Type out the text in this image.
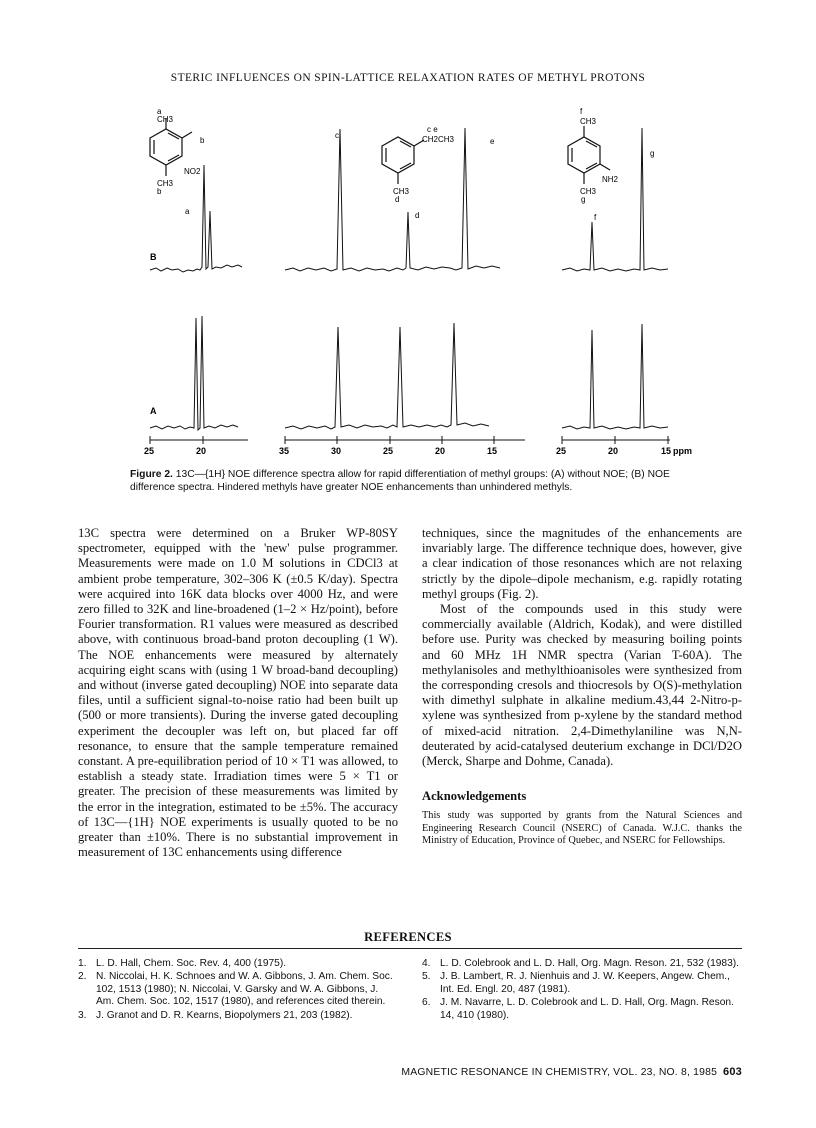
STERIC INFLUENCES ON SPIN-LATTICE RELAXATION RATES OF METHYL PROTONS
a
CH3
NO2
CH3
b
c e
CH2CH3
CH3
d
f
CH3
NH2
CH3
g
B
A
b
a
c
d
e
f
g
25	20	35	30	25	20	15	25	20	15 ppm
Figure 2. 13C—{1H} NOE difference spectra allow for rapid differentiation of methyl groups: (A) without NOE; (B) NOE difference spectra. Hindered methyls have greater NOE enhancements than unhindered methyls.

13C spectra were determined on a Bruker WP-80SY spectrometer, equipped with the 'new' pulse programmer. Measurements were made on 1.0 M solutions in CDCl3 at ambient probe temperature, 302–306 K (±0.5 K/day). Spectra were acquired into 16K data blocks over 4000 Hz, and were zero filled to 32K and line-broadened (1–2 × Hz/point), before Fourier transformation. R1 values were measured as described above, with continuous broad-band proton decoupling (1 W). The NOE enhancements were measured by alternately acquiring eight scans with (using 1 W broad-band decoupling) and without (inverse gated decoupling) NOE into separate data files, until a sufficient signal-to-noise ratio had been built up (500 or more transients). During the inverse gated decoupling experiment the decoupler was left on, but placed far off resonance, to ensure that the sample temperature remained constant. A pre-equilibration period of 10 × T1 was allowed, to establish a steady state. Irradiation times were 5 × T1 or greater. The precision of these measurements was limited by the error in the integration, estimated to be ±5%. The accuracy of 13C—{1H} NOE experiments is usually quoted to be no greater than ±10%. There is no substantial improvement in measurement of 13C enhancements using difference

techniques, since the magnitudes of the enhancements are invariably large. The difference technique does, however, give a clear indication of those resonances which are not relaxing strictly by the dipole–dipole mechanism, e.g. rapidly rotating methyl groups (Fig. 2).

Most of the compounds used in this study were commercially available (Aldrich, Kodak), and were distilled before use. Purity was checked by measuring boiling points and 60 MHz 1H NMR spectra (Varian T-60A). The methylanisoles and methylthioanisoles were synthesized from the corresponding cresols and thiocresols by O(S)-methylation with dimethyl sulphate in alkaline medium.43,44 2-Nitro-p-xylene was synthesized from p-xylene by the standard method of mixed-acid nitration. 2,4-Dimethylaniline was N,N-deuterated by acid-catalysed deuterium exchange in DCl/D2O (Merck, Sharpe and Dohme, Canada).

Acknowledgements

This study was supported by grants from the Natural Sciences and Engineering Research Council (NSERC) of Canada. W.J.C. thanks the Ministry of Education, Province of Quebec, and NSERC for Fellowships.

REFERENCES
1. L. D. Hall, Chem. Soc. Rev. 4, 400 (1975).
2. N. Niccolai, H. K. Schnoes and W. A. Gibbons, J. Am. Chem. Soc. 102, 1513 (1980); N. Niccolai, V. Garsky and W. A. Gibbons, J. Am. Chem. Soc. 102, 1517 (1980), and references cited therein.
3. J. Granot and D. R. Kearns, Biopolymers 21, 203 (1982).
4. L. D. Colebrook and L. D. Hall, Org. Magn. Reson. 21, 532 (1983).
5. J. B. Lambert, R. J. Nienhuis and J. W. Keepers, Angew. Chem., Int. Ed. Engl. 20, 487 (1981).
6. J. M. Navarre, L. D. Colebrook and L. D. Hall, Org. Magn. Reson. 14, 410 (1980).
MAGNETIC RESONANCE IN CHEMISTRY, VOL. 23, NO. 8, 1985 603
